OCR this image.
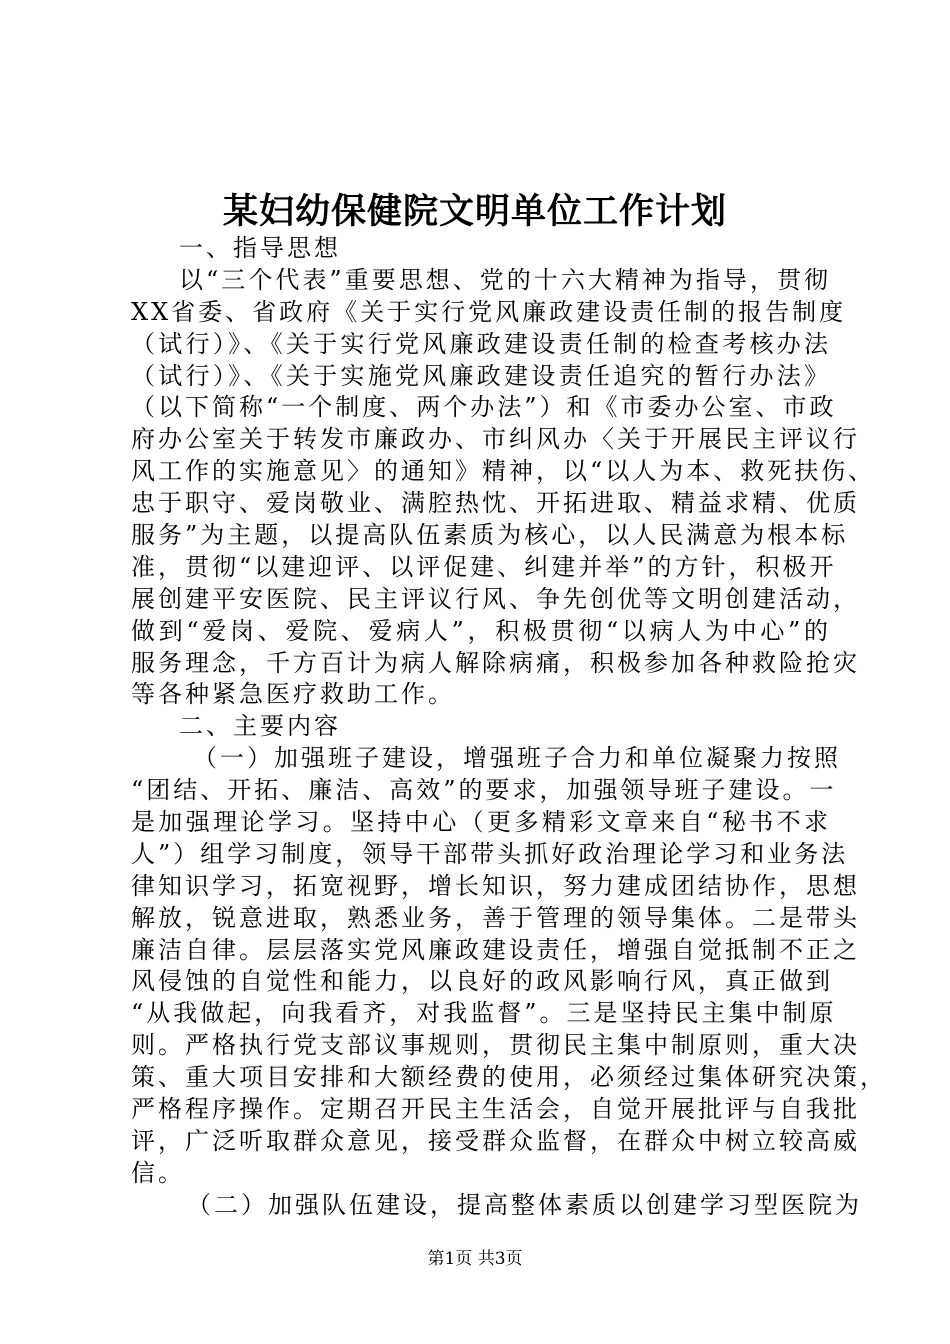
某妇幼保健院文明单位工作计划
一、指导思想
以“三个代表”重要思想、党的十六大精神为指导，贯彻
XX省委、省政府《关于实行党风廉政建设责任制的报告制度
（试行）》、《关于实行党风廉政建设责任制的检查考核办法
（试行）》、《关于实施党风廉政建设责任追究的暂行办法》
（以下简称“一个制度、两个办法”）和《市委办公室、市政
府办公室关于转发市廉政办、市纠风办〈关于开展民主评议行
风工作的实施意见〉的通知》精神，以“以人为本、救死扶伤、
忠于职守、爱岗敬业、满腔热忱、开拓进取、精益求精、优质
服务”为主题，以提高队伍素质为核心，以人民满意为根本标
准，贯彻“以建迎评、以评促建、纠建并举”的方针，积极开
展创建平安医院、民主评议行风、争先创优等文明创建活动，
做到“爱岗、爱院、爱病人”，积极贯彻“以病人为中心”的
服务理念，千方百计为病人解除病痛，积极参加各种救险抢灾
等各种紧急医疗救助工作。
二、主要内容
（一）加强班子建设，增强班子合力和单位凝聚力按照
“团结、开拓、廉洁、高效”的要求，加强领导班子建设。一
是加强理论学习。坚持中心（更多精彩文章来自“秘书不求
人”）组学习制度，领导干部带头抓好政治理论学习和业务法
律知识学习，拓宽视野，增长知识，努力建成团结协作，思想
解放，锐意进取，熟悉业务，善于管理的领导集体。二是带头
廉洁自律。层层落实党风廉政建设责任，增强自觉抵制不正之
风侵蚀的自觉性和能力，以良好的政风影响行风，真正做到
“从我做起，向我看齐，对我监督”。三是坚持民主集中制原
则。严格执行党支部议事规则，贯彻民主集中制原则，重大决
策、重大项目安排和大额经费的使用，必须经过集体研究决策，
严格程序操作。定期召开民主生活会，自觉开展批评与自我批
评，广泛听取群众意见，接受群众监督，在群众中树立较高威
信。
（二）加强队伍建设，提高整体素质以创建学习型医院为
第1页 共3页
